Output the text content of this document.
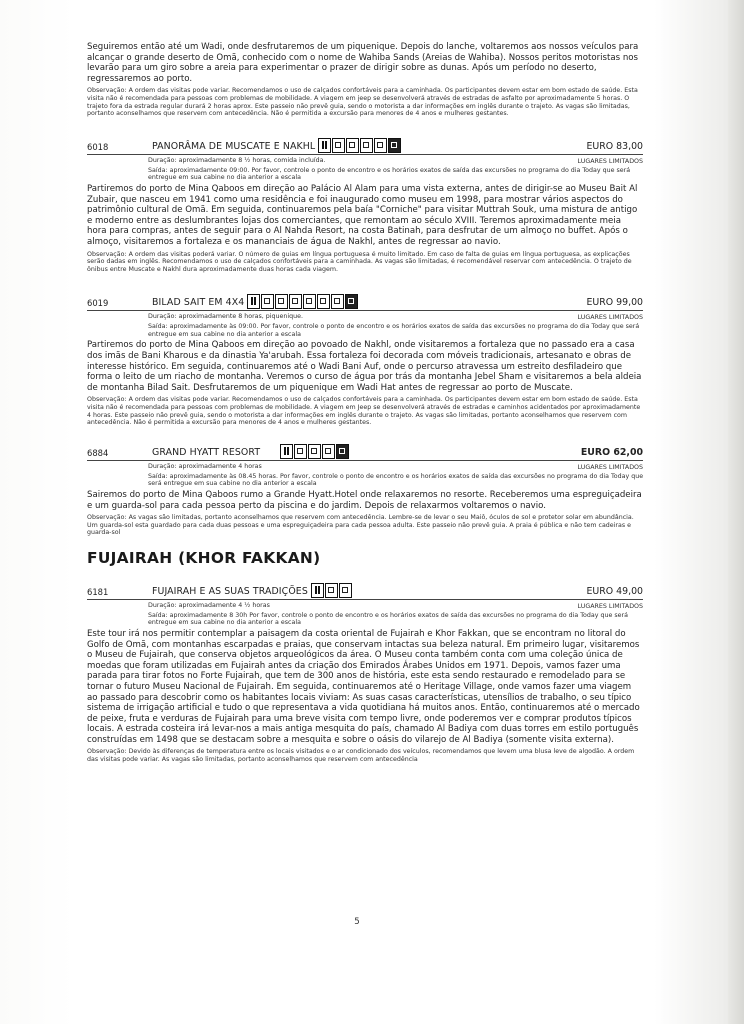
Seguiremos então até um Wadi, onde desfrutaremos de um piquenique. Depois do lanche, voltaremos aos nossos veículos para alcançar o grande deserto de Omã, conhecido com o nome de Wahiba Sands (Areias de Wahiba). Nossos peritos motoristas nos levarão para um giro sobre a areia para experimentar o prazer de dirigir sobre as dunas. Após um período no deserto, regressaremos ao porto.

Observação: A ordem das visitas pode variar. Recomendamos o uso de calçados confortáveis para a caminhada. Os participantes devem estar em bom estado de saúde. Esta visita não é recomendada para pessoas com problemas de mobilidade. A viagem em jeep se desenvolverá através de estradas de asfalto por aproximadamente 5 horas. O trajeto fora da estrada regular durará 2 horas aprox. Este passeio não prevê guia, sendo o motorista a dar informações em inglês durante o trajeto. As vagas são limitadas, portanto aconselhamos que reservem com antecedência. Não é permitida a excursão para menores de 4 anos e mulheres gestantes.

6018	PANORÂMA DE MUSCATE E NAKHL	EURO 83,00

Duração: aproximadamente 8 ½ horas, comida incluída.	LUGARES LIMITADOS

Saída: aproximadamente 09:00. Por favor, controle o ponto de encontro e os horários exatos de saída das excursões no programa do dia Today que será entregue em sua cabine no dia anterior a escala

Partiremos do porto de Mina Qaboos em direção ao Palácio Al Alam para uma vista externa, antes de dirigir-se ao Museu Bait Al Zubair, que nasceu em 1941 como uma residência e foi inaugurado como museu em 1998, para mostrar vários aspectos do patrimônio cultural de Omã. Em seguida, continuaremos pela baía "Corniche" para visitar Muttrah Souk, uma mistura de antigo e moderno entre as deslumbrantes lojas dos comerciantes, que remontam ao século XVIII. Teremos aproximadamente meia hora para compras, antes de seguir para o Al Nahda Resort, na costa Batinah, para desfrutar de um almoço no buffet. Após o almoço, visitaremos a fortaleza e os mananciais de água de Nakhl, antes de regressar ao navio.

Observação: A ordem das visitas poderá variar. O número de guias em língua portuguesa é muito limitado. Em caso de falta de guias em língua portuguesa, as explicações serão dadas em inglês. Recomendamos o uso de calçados confortáveis para a caminhada. As vagas são limitadas, é recomendável reservar com antecedência. O trajeto de ônibus entre Muscate e Nakhl dura aproximadamente duas horas cada viagem.

6019	BILAD SAIT EM 4X4	EURO 99,00

Duração: aproximadamente 8 horas, piquenique.	LUGARES LIMITADOS

Saída: aproximadamente às 09:00. Por favor, controle o ponto de encontro e os horários exatos de saída das excursões no programa do dia Today que será entregue em sua cabine no dia anterior a escala

Partiremos do porto de Mina Qaboos em direção ao povoado de Nakhl, onde visitaremos a fortaleza que no passado era a casa dos imãs de Bani Kharous e da dinastia Ya'arubah. Essa fortaleza foi decorada com móveis tradicionais, artesanato e obras de interesse histórico. Em seguida, continuaremos até o Wadi Bani Auf, onde o percurso atravessa um estreito desfiladeiro que forma o leito de um riacho de montanha. Veremos o curso de água por trás da montanha Jebel Sham e visitaremos a bela aldeia de montanha Bilad Sait. Desfrutaremos de um piquenique em Wadi Hat antes de regressar ao porto de Muscate.

Observação: A ordem das visitas pode variar. Recomendamos o uso de calçados confortáveis para a caminhada. Os participantes devem estar em bom estado de saúde. Esta visita não é recomendada para pessoas com problemas de mobilidade. A viagem em Jeep se desenvolverá através de estradas e caminhos acidentados por aproximadamente 4 horas. Este passeio não prevê guia, sendo o motorista a dar informações em inglês durante o trajeto. As vagas são limitadas, portanto aconselhamos que reservem com antecedência. Não é permitida a excursão para menores de 4 anos e mulheres gestantes.

6884	GRAND HYATT RESORT	EURO 62,00

Duração: aproximadamente 4 horas	LUGARES LIMITADOS

Saída: aproximadamente às 08.45 horas. Por favor, controle o ponto de encontro e os horários exatos de saída das excursões no programa do dia Today que será entregue em sua cabine no dia anterior a escala

Sairemos do porto de Mina Qaboos rumo a Grande Hyatt.Hotel onde relaxaremos no resorte. Receberemos uma espreguiçadeira e um guarda-sol para cada pessoa perto da piscina e do jardim. Depois de relaxarmos voltaremos o navio.

Observação: As vagas são limitadas, portanto aconselhamos que reservem com antecedência. Lembre-se de levar o seu Maiô, óculos de sol e protetor solar em abundância. Um guarda-sol esta guardado para cada duas pessoas e uma espreguiçadeira para cada pessoa adulta. Este passeio não prevê guia. A praia é pública e não tem cadeiras e guarda-sol

FUJAIRAH (KHOR FAKKAN)
6181	FUJAIRAH E AS SUAS TRADIÇÕES	EURO 49,00

Duração: aproximadamente 4 ½ horas	LUGARES LIMITADOS

Saída: aproximadamente 8 30h Por favor, controle o ponto de encontro e os horários exatos de saída das excursões no programa do dia Today que será entregue em sua cabine no dia anterior a escala

Este tour irá nos permitir contemplar a paisagem da costa oriental de Fujairah e Khor Fakkan, que se encontram no litoral do Golfo de Omã, com montanhas escarpadas e praias, que conservam intactas sua beleza natural. Em primeiro lugar, visitaremos o Museu de Fujairah, que conserva objetos arqueológicos da área. O Museu conta também conta com uma coleção única de moedas que foram utilizadas em Fujairah antes da criação dos Emirados Árabes Unidos em 1971. Depois, vamos fazer uma parada para tirar fotos no Forte Fujairah, que tem de 300 anos de história, este esta sendo restaurado e remodelado para se tornar o futuro Museu Nacional de Fujairah. Em seguida, continuaremos até o Heritage Village, onde vamos fazer uma viagem ao passado para descobrir como os habitantes locais viviam: As suas casas características, utensílios de trabalho, o seu típico sistema de irrigação artificial e tudo o que representava a vida quotidiana há muitos anos. Então, continuaremos até o mercado de peixe, fruta e verduras de Fujairah para uma breve visita com tempo livre, onde poderemos ver e comprar produtos típicos locais. A estrada costeira irá levar-nos a mais antiga mesquita do país, chamado Al Badiya com duas torres em estilo português construídas em 1498 que se destacam sobre a mesquita e sobre o oásis do vilarejo de Al Badiya (somente visita externa).

Observação: Devido às diferenças de temperatura entre os locais visitados e o ar condicionado dos veículos, recomendamos que levem uma blusa leve de algodão. A ordem das visitas pode variar. As vagas são limitadas, portanto aconselhamos que reservem com antecedência

5
